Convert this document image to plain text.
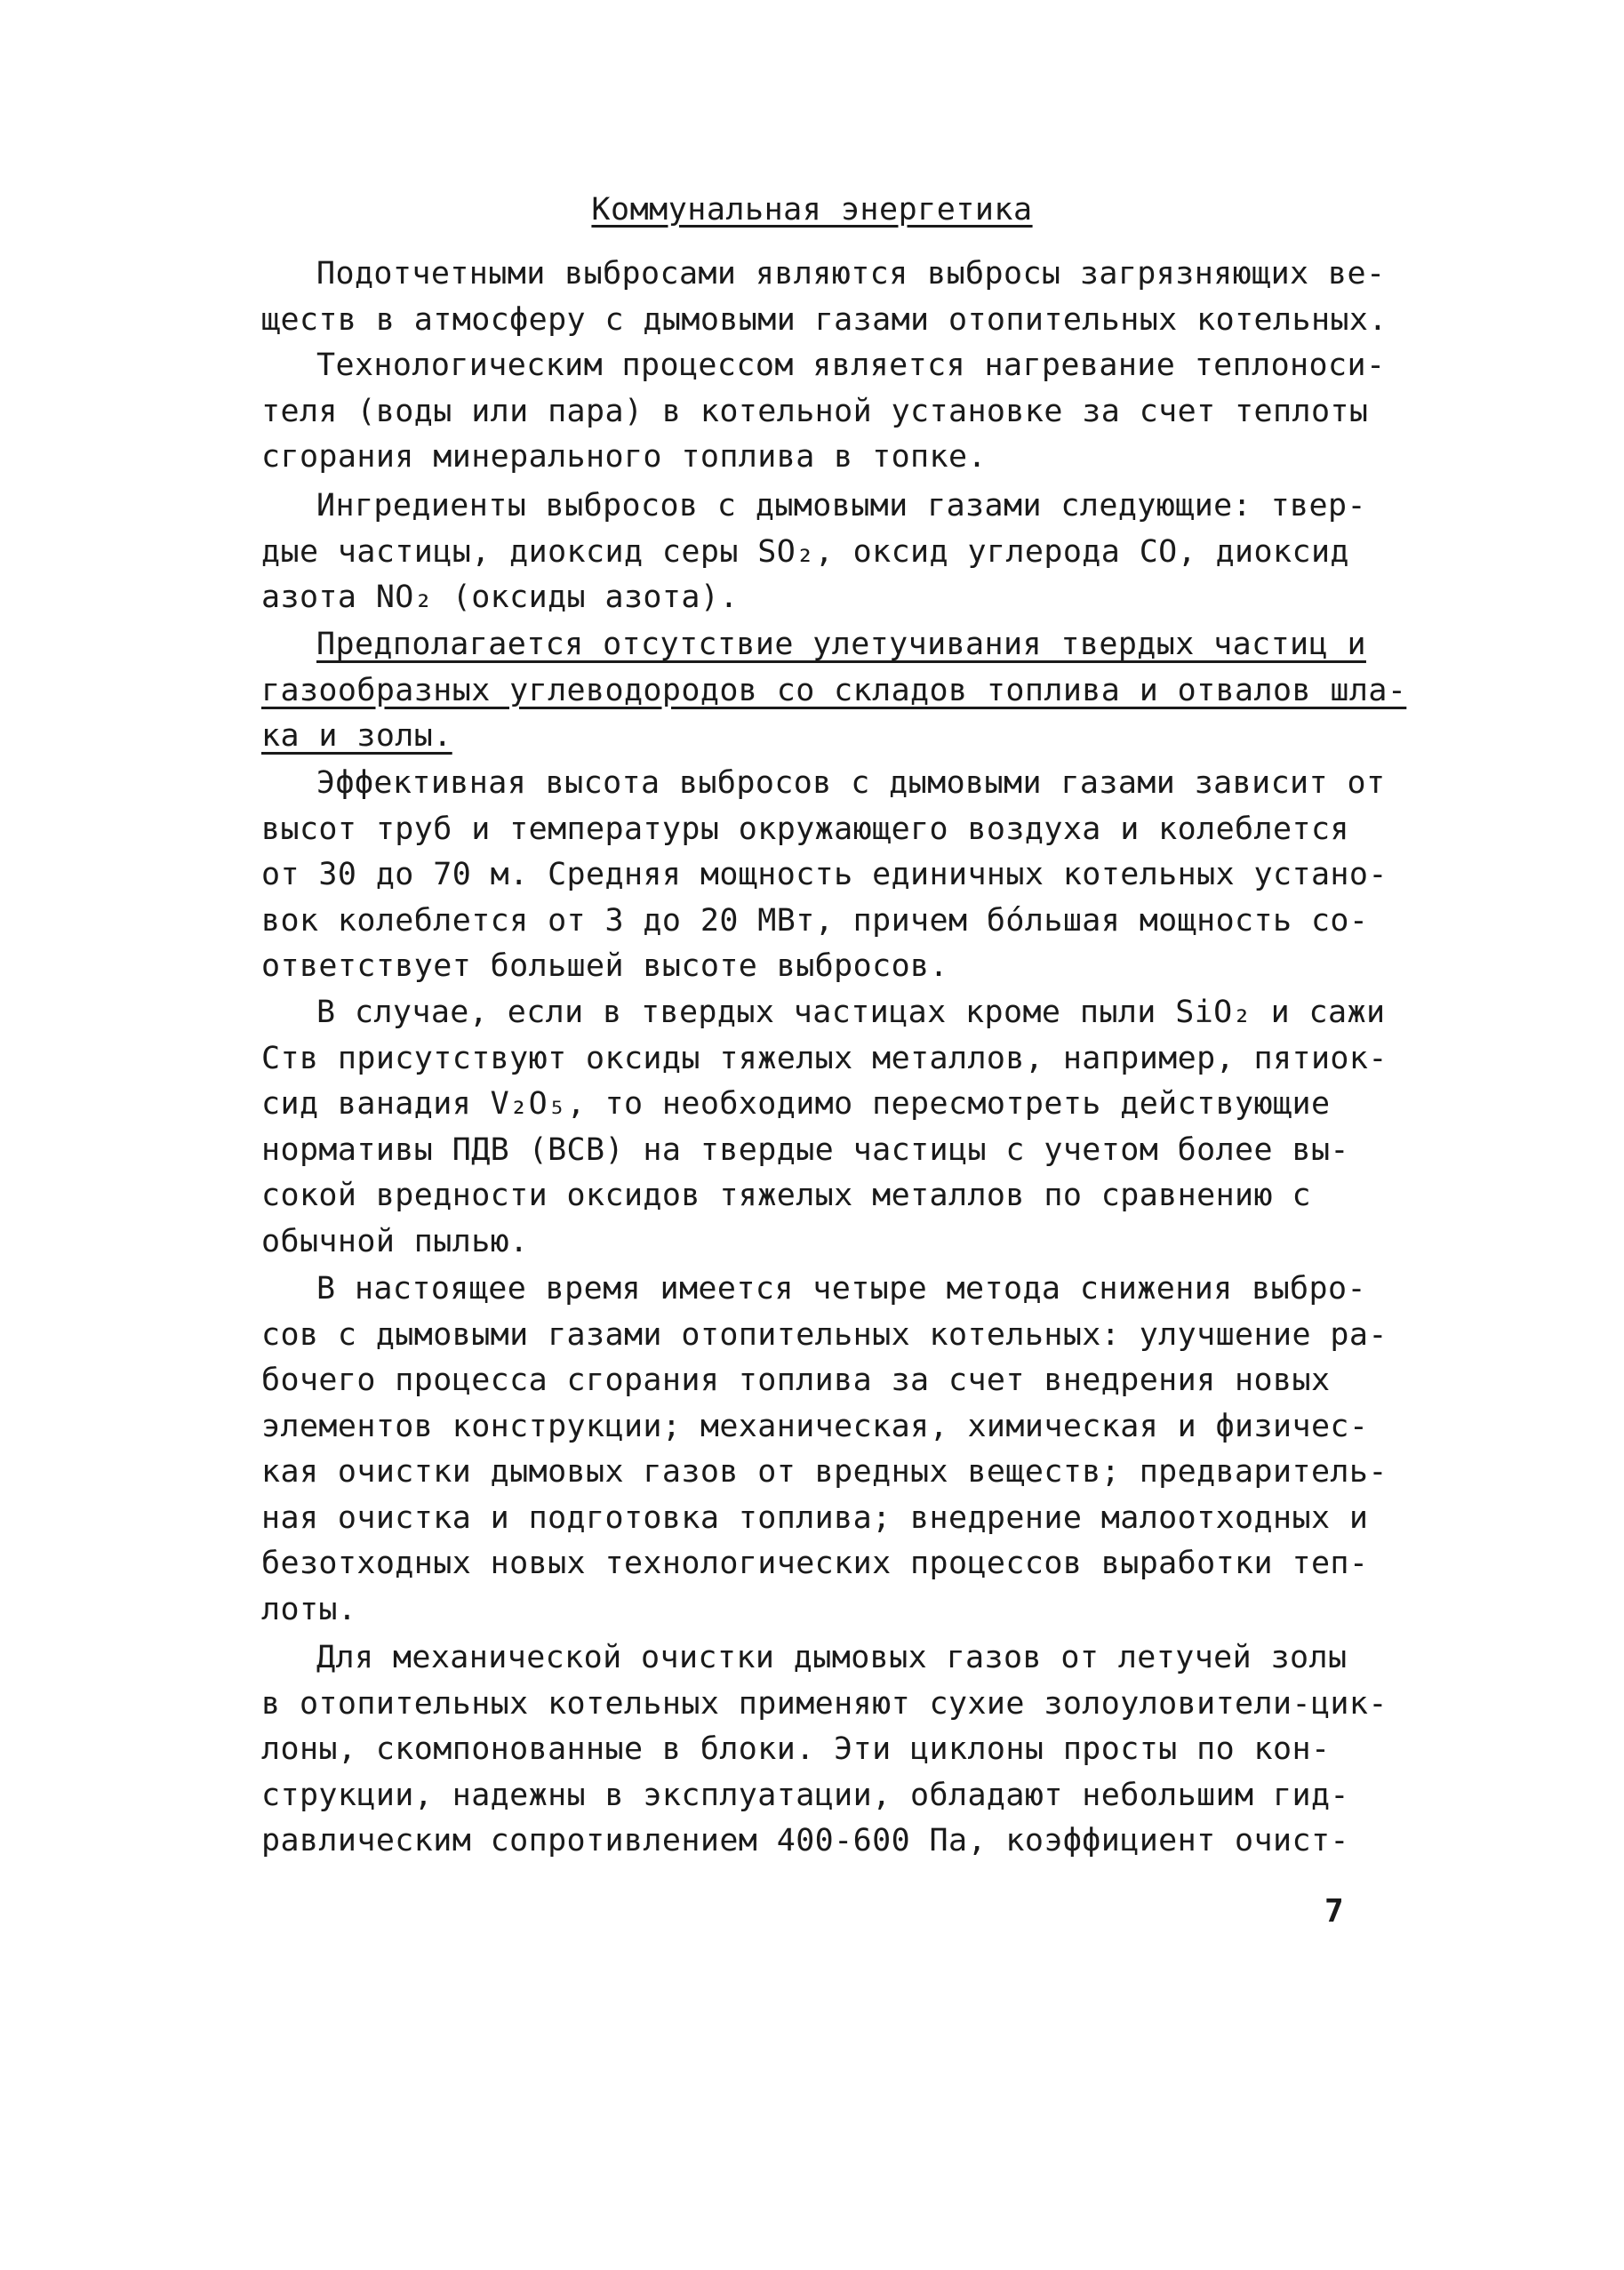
Коммунальная энергетика
Подотчетными выбросами являются выбросы загрязняющих ве-
ществ в атмосферу с дымовыми газами отопительных котельных.
Технологическим процессом является нагревание теплоноси-
теля (воды или пара) в котельной установке за счет теплоты
сгорания минерального топлива в топке.
Ингредиенты выбросов с дымовыми газами следующие: твер-
дые частицы, диоксид серы SO₂, оксид углерода CO, диоксид
азота NO₂ (оксиды азота).
Предполагается отсутствие улетучивания твердых частиц и
газообразных углеводородов со складов топлива и отвалов шла-
ка и золы.
Эффективная высота выбросов с дымовыми газами зависит от
высот труб и температуры окружающего воздуха и колеблется
от 30 до 70 м. Средняя мощность единичных котельных устано-
вок колеблется от 3 до 20 МВт, причем бо́льшая мощность со-
ответствует большей высоте выбросов.
В случае, если в твердых частицах кроме пыли SiO₂ и сажи
Cтв присутствуют оксиды тяжелых металлов, например, пятиок-
сид ванадия V₂O₅, то необходимо пересмотреть действующие
нормативы ПДВ (ВСВ) на твердые частицы с учетом более вы-
сокой вредности оксидов тяжелых металлов по сравнению с
обычной пылью.
В настоящее время имеется четыре метода снижения выбро-
сов с дымовыми газами отопительных котельных: улучшение ра-
бочего процесса сгорания топлива за счет внедрения новых
элементов конструкции; механическая, химическая и физичес-
кая очистки дымовых газов от вредных веществ; предваритель-
ная очистка и подготовка топлива; внедрение малоотходных и
безотходных новых технологических процессов выработки теп-
лоты.
Для механической очистки дымовых газов от летучей золы
в отопительных котельных применяют сухие золоуловители-цик-
лоны, скомпонованные в блоки. Эти циклоны просты по кон-
струкции, надежны в эксплуатации, обладают небольшим гид-
равлическим сопротивлением 400-600 Па, коэффициент очист-
7
